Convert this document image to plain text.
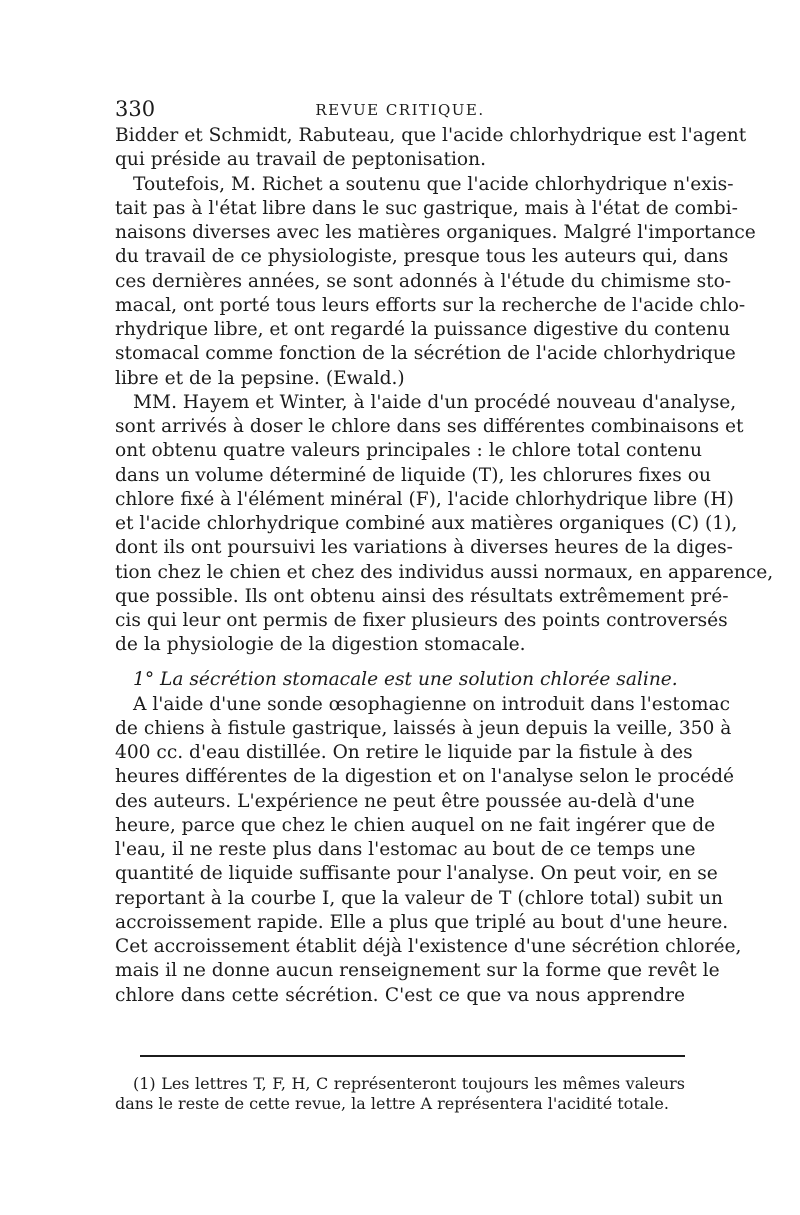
330	REVUE CRITIQUE.
Bidder et Schmidt, Rabuteau, que l'acide chlorhydrique est l'agent
qui préside au travail de peptonisation.
Toutefois, M. Richet a soutenu que l'acide chlorhydrique n'exis-
tait pas à l'état libre dans le suc gastrique, mais à l'état de combi-
naisons diverses avec les matières organiques. Malgré l'importance
du travail de ce physiologiste, presque tous les auteurs qui, dans
ces dernières années, se sont adonnés à l'étude du chimisme sto-
macal, ont porté tous leurs efforts sur la recherche de l'acide chlo-
rhydrique libre, et ont regardé la puissance digestive du contenu
stomacal comme fonction de la sécrétion de l'acide chlorhydrique
libre et de la pepsine. (Ewald.)
MM. Hayem et Winter, à l'aide d'un procédé nouveau d'analyse,
sont arrivés à doser le chlore dans ses différentes combinaisons et
ont obtenu quatre valeurs principales : le chlore total contenu
dans un volume déterminé de liquide (T), les chlorures fixes ou
chlore fixé à l'élément minéral (F), l'acide chlorhydrique libre (H)
et l'acide chlorhydrique combiné aux matières organiques (C) (1),
dont ils ont poursuivi les variations à diverses heures de la diges-
tion chez le chien et chez des individus aussi normaux, en apparence,
que possible. Ils ont obtenu ainsi des résultats extrêmement pré-
cis qui leur ont permis de fixer plusieurs des points controversés
de la physiologie de la digestion stomacale.
1° La sécrétion stomacale est une solution chlorée saline.
A l'aide d'une sonde œsophagienne on introduit dans l'estomac
de chiens à fistule gastrique, laissés à jeun depuis la veille, 350 à
400 cc. d'eau distillée. On retire le liquide par la fistule à des
heures différentes de la digestion et on l'analyse selon le procédé
des auteurs. L'expérience ne peut être poussée au-delà d'une
heure, parce que chez le chien auquel on ne fait ingérer que de
l'eau, il ne reste plus dans l'estomac au bout de ce temps une
quantité de liquide suffisante pour l'analyse. On peut voir, en se
reportant à la courbe I, que la valeur de T (chlore total) subit un
accroissement rapide. Elle a plus que triplé au bout d'une heure.
Cet accroissement établit déjà l'existence d'une sécrétion chlorée,
mais il ne donne aucun renseignement sur la forme que revêt le
chlore dans cette sécrétion. C'est ce que va nous apprendre
(1) Les lettres T, F, H, C représenteront toujours les mêmes valeurs
dans le reste de cette revue, la lettre A représentera l'acidité totale.
